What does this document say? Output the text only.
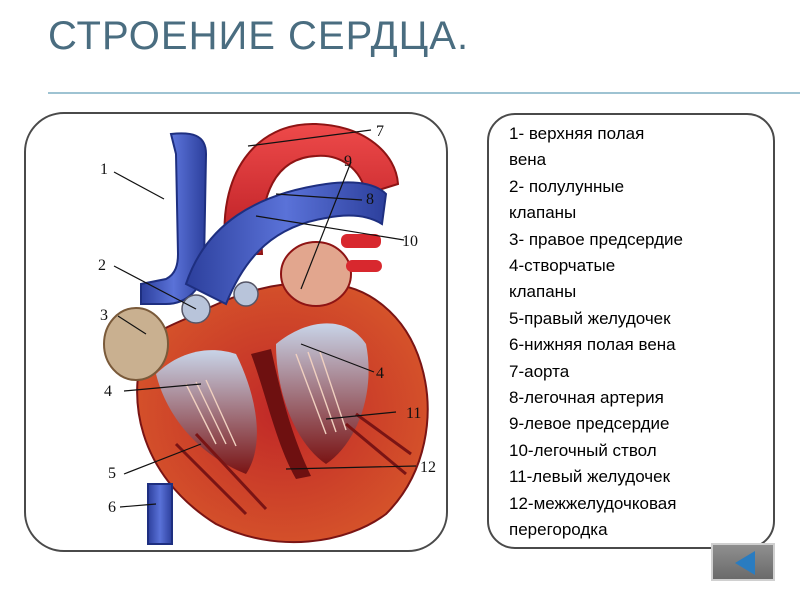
СТРОЕНИЕ СЕРДЦА.
1
2
3
4
5
6
7
8
9
10
4
11
12
1- верхняя полая
вена
2- полулунные
клапаны
3- правое предсердие
4-створчатые
клапаны
5-правый желудочек
6-нижняя полая вена
7-аорта
8-легочная артерия
9-левое предсердие
10-легочный ствол
11-левый желудочек
12-межжелудочковая
перегородка
